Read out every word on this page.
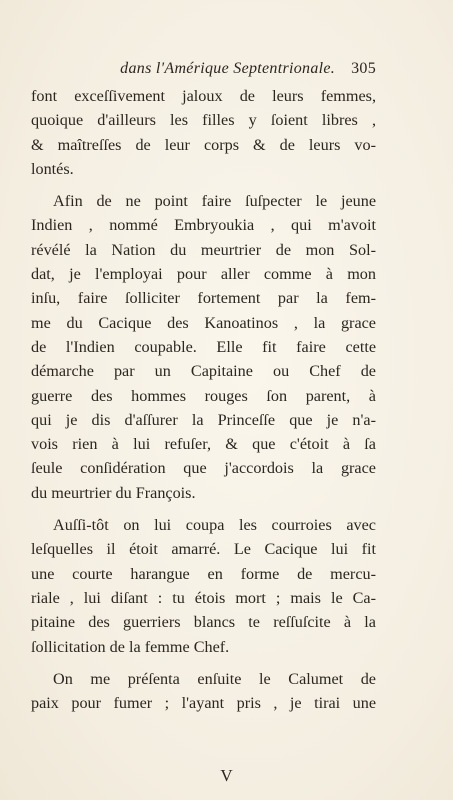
dans l'Amérique Septentrionale. 305
font exceſſivement jaloux de leurs femmes,
quoique d'ailleurs les filles y ſoient libres ,
& maîtreſſes de leur corps & de leurs vo-
lontés.
Afin de ne point faire ſuſpecter le jeune
Indien , nommé Embryoukia , qui m'avoit
révélé la Nation du meurtrier de mon Sol-
dat, je l'employai pour aller comme à mon
inſu, faire ſolliciter fortement par la fem-
me du Cacique des Kanoatinos , la grace
de l'Indien coupable. Elle fit faire cette
démarche par un Capitaine ou Chef de
guerre des hommes rouges ſon parent, à
qui je dis d'aſſurer la Princeſſe que je n'a-
vois rien à lui refuſer, & que c'étoit à ſa
ſeule conſidération que j'accordois la grace
du meurtrier du François.
Auſſi-tôt on lui coupa les courroies avec
leſquelles il étoit amarré. Le Cacique lui fit
une courte harangue en forme de mercu-
riale , lui diſant : tu étois mort ; mais le Ca-
pitaine des guerriers blancs te reſſuſcite à la
ſollicitation de la femme Chef.
On me préſenta enſuite le Calumet de
paix pour fumer ; l'ayant pris , je tirai une
V
